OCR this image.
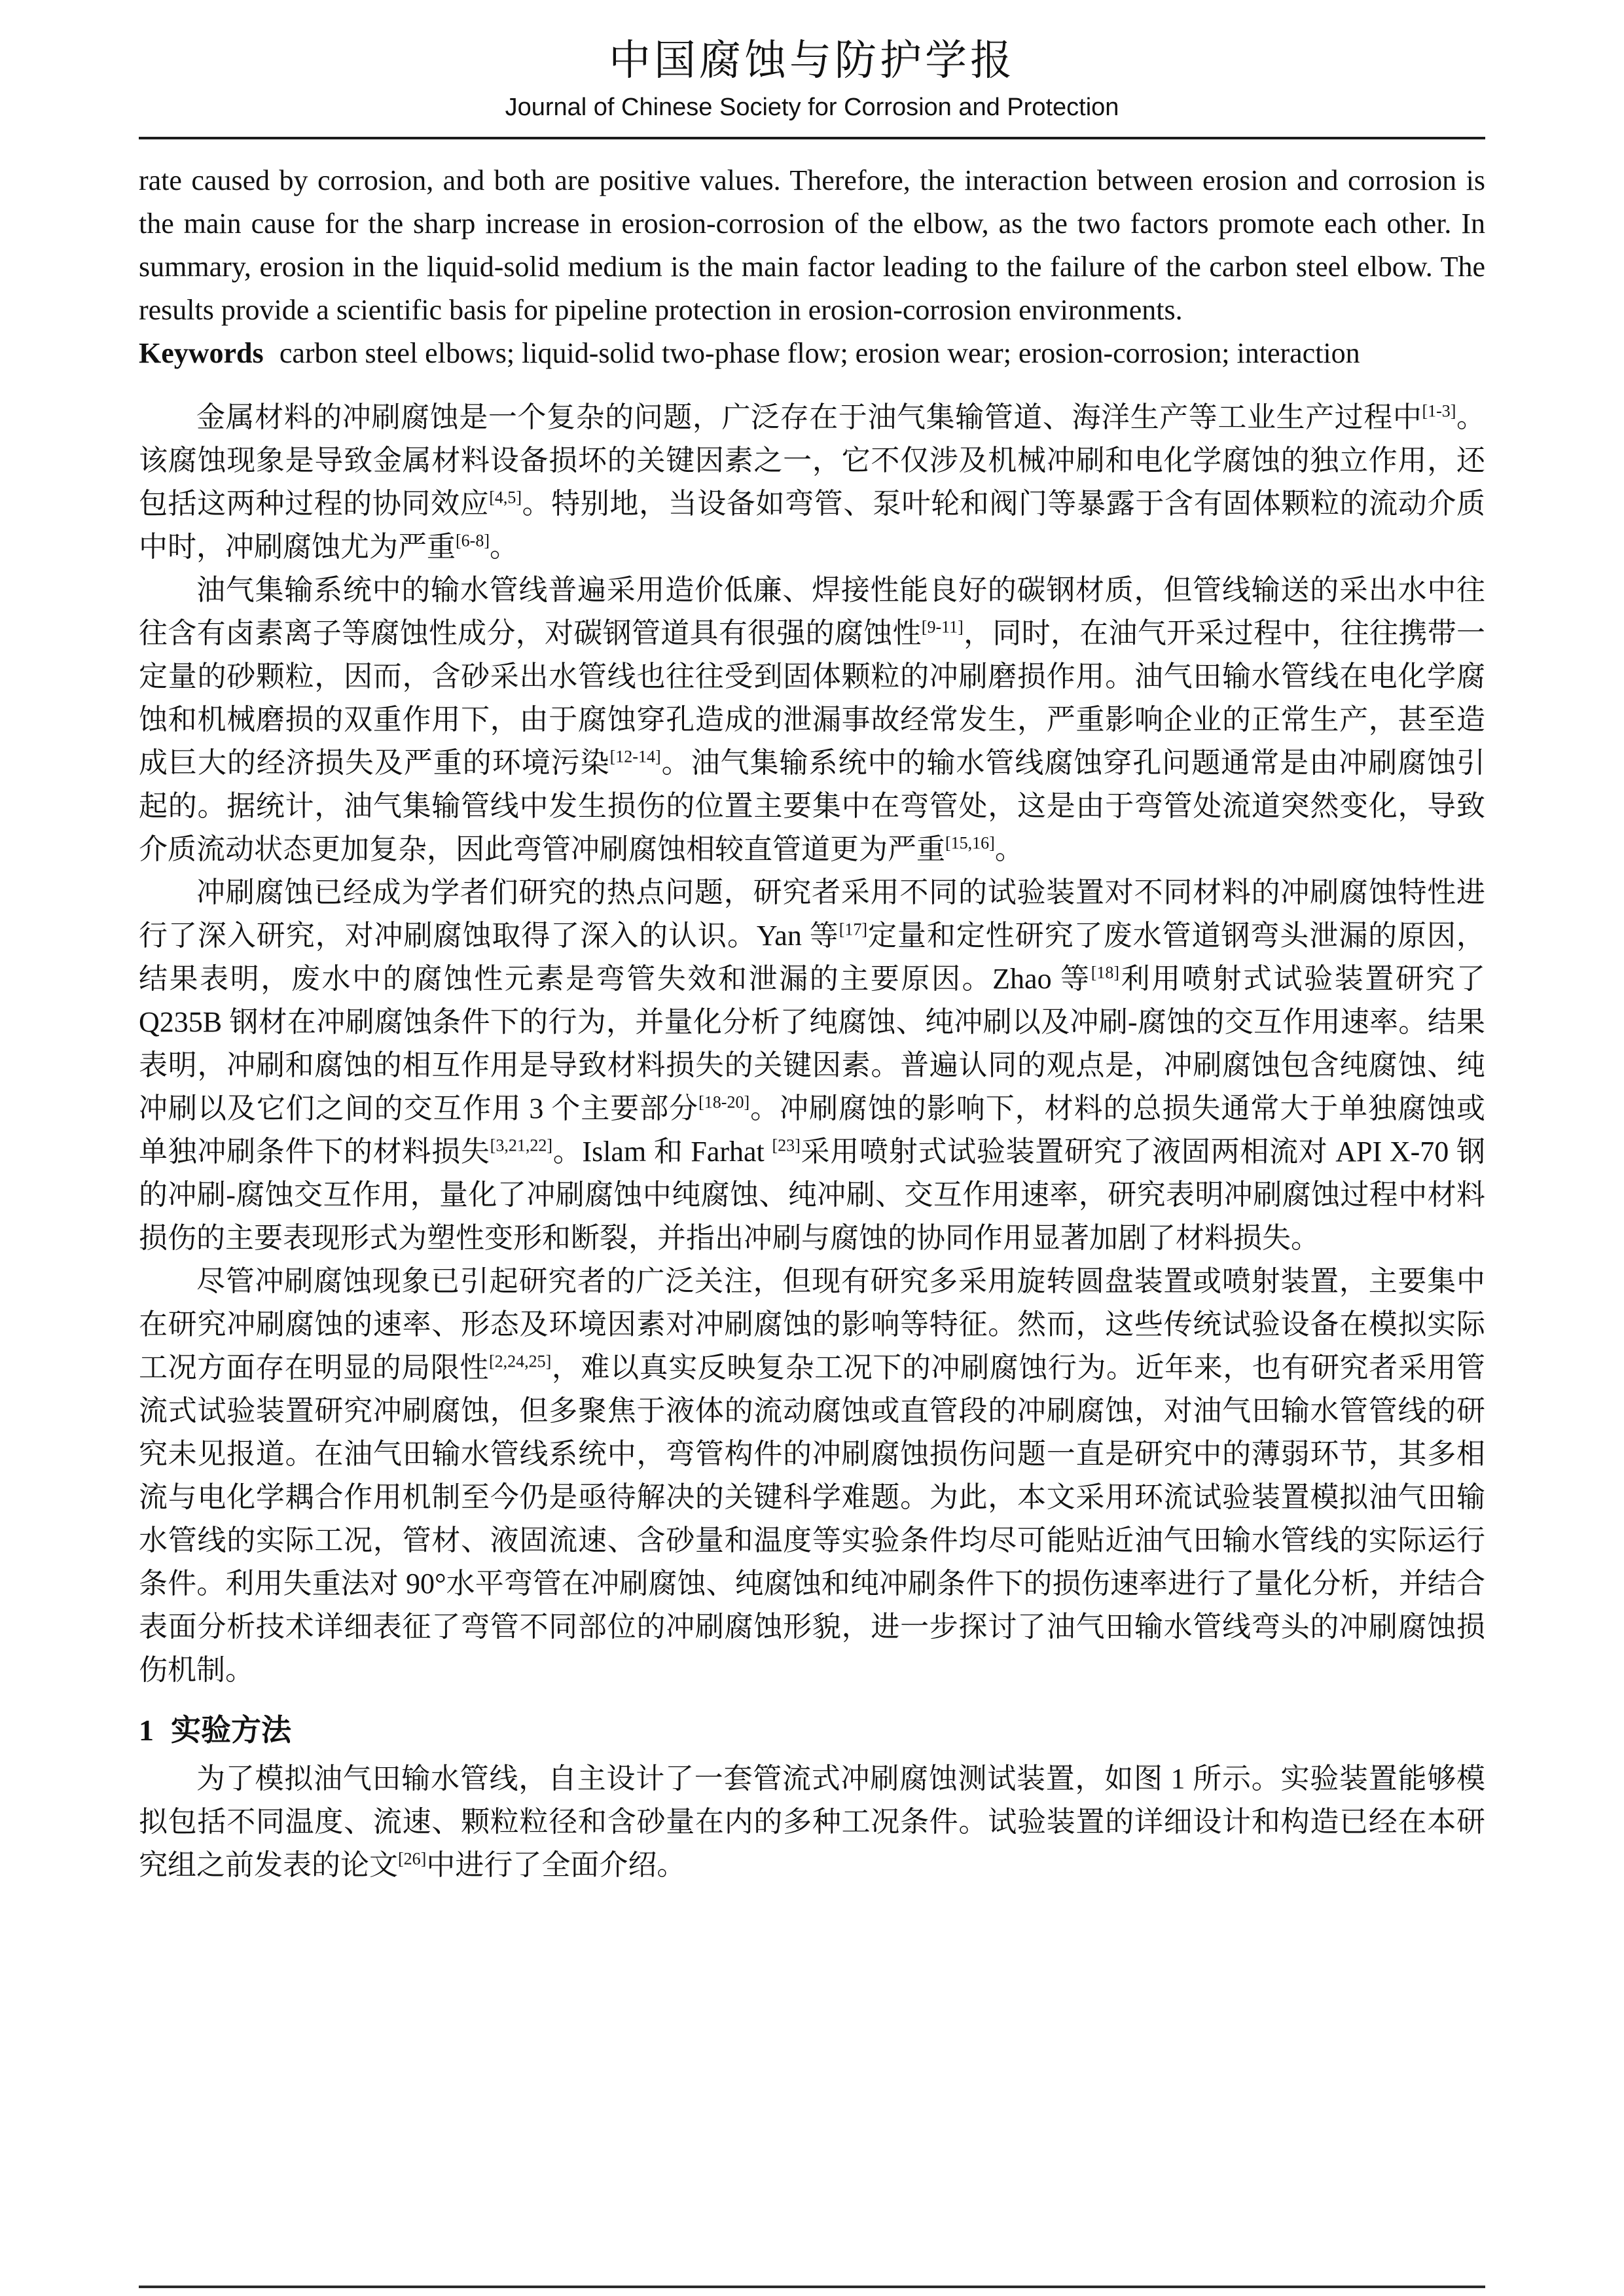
中国腐蚀与防护学报
Journal of Chinese Society for Corrosion and Protection

rate caused by corrosion, and both are positive values. Therefore, the interaction between erosion and corrosion is the main cause for the sharp increase in erosion-corrosion of the elbow, as the two factors promote each other. In summary, erosion in the liquid-solid medium is the main factor leading to the failure of the carbon steel elbow. The results provide a scientific basis for pipeline protection in erosion-corrosion environments.

Keywords carbon steel elbows; liquid-solid two-phase flow; erosion wear; erosion-corrosion; interaction

金属材料的冲刷腐蚀是一个复杂的问题，广泛存在于油气集输管道、海洋生产等工业生产过程中[1-3]。该腐蚀现象是导致金属材料设备损坏的关键因素之一，它不仅涉及机械冲刷和电化学腐蚀的独立作用，还包括这两种过程的协同效应[4,5]。特别地，当设备如弯管、泵叶轮和阀门等暴露于含有固体颗粒的流动介质中时，冲刷腐蚀尤为严重[6-8]。

油气集输系统中的输水管线普遍采用造价低廉、焊接性能良好的碳钢材质，但管线输送的采出水中往往含有卤素离子等腐蚀性成分，对碳钢管道具有很强的腐蚀性[9-11]，同时，在油气开采过程中，往往携带一定量的砂颗粒，因而，含砂采出水管线也往往受到固体颗粒的冲刷磨损作用。油气田输水管线在电化学腐蚀和机械磨损的双重作用下，由于腐蚀穿孔造成的泄漏事故经常发生，严重影响企业的正常生产，甚至造成巨大的经济损失及严重的环境污染[12-14]。油气集输系统中的输水管线腐蚀穿孔问题通常是由冲刷腐蚀引起的。据统计，油气集输管线中发生损伤的位置主要集中在弯管处，这是由于弯管处流道突然变化，导致介质流动状态更加复杂，因此弯管冲刷腐蚀相较直管道更为严重[15,16]。

冲刷腐蚀已经成为学者们研究的热点问题，研究者采用不同的试验装置对不同材料的冲刷腐蚀特性进行了深入研究，对冲刷腐蚀取得了深入的认识。Yan 等[17]定量和定性研究了废水管道钢弯头泄漏的原因，结果表明，废水中的腐蚀性元素是弯管失效和泄漏的主要原因。Zhao 等[18]利用喷射式试验装置研究了 Q235B 钢材在冲刷腐蚀条件下的行为，并量化分析了纯腐蚀、纯冲刷以及冲刷-腐蚀的交互作用速率。结果表明，冲刷和腐蚀的相互作用是导致材料损失的关键因素。普遍认同的观点是，冲刷腐蚀包含纯腐蚀、纯冲刷以及它们之间的交互作用 3 个主要部分[18-20]。冲刷腐蚀的影响下，材料的总损失通常大于单独腐蚀或单独冲刷条件下的材料损失[3,21,22]。Islam 和 Farhat [23]采用喷射式试验装置研究了液固两相流对 API X-70 钢的冲刷-腐蚀交互作用，量化了冲刷腐蚀中纯腐蚀、纯冲刷、交互作用速率，研究表明冲刷腐蚀过程中材料损伤的主要表现形式为塑性变形和断裂，并指出冲刷与腐蚀的协同作用显著加剧了材料损失。

尽管冲刷腐蚀现象已引起研究者的广泛关注，但现有研究多采用旋转圆盘装置或喷射装置，主要集中在研究冲刷腐蚀的速率、形态及环境因素对冲刷腐蚀的影响等特征。然而，这些传统试验设备在模拟实际工况方面存在明显的局限性[2,24,25]，难以真实反映复杂工况下的冲刷腐蚀行为。近年来，也有研究者采用管流式试验装置研究冲刷腐蚀，但多聚焦于液体的流动腐蚀或直管段的冲刷腐蚀，对油气田输水管管线的研究未见报道。在油气田输水管线系统中，弯管构件的冲刷腐蚀损伤问题一直是研究中的薄弱环节，其多相流与电化学耦合作用机制至今仍是亟待解决的关键科学难题。为此，本文采用环流试验装置模拟油气田输水管线的实际工况，管材、液固流速、含砂量和温度等实验条件均尽可能贴近油气田输水管线的实际运行条件。利用失重法对 90°水平弯管在冲刷腐蚀、纯腐蚀和纯冲刷条件下的损伤速率进行了量化分析，并结合表面分析技术详细表征了弯管不同部位的冲刷腐蚀形貌，进一步探讨了油气田输水管线弯头的冲刷腐蚀损伤机制。

1 实验方法

为了模拟油气田输水管线，自主设计了一套管流式冲刷腐蚀测试装置，如图 1 所示。实验装置能够模拟包括不同温度、流速、颗粒粒径和含砂量在内的多种工况条件。试验装置的详细设计和构造已经在本研究组之前发表的论文[26]中进行了全面介绍。
